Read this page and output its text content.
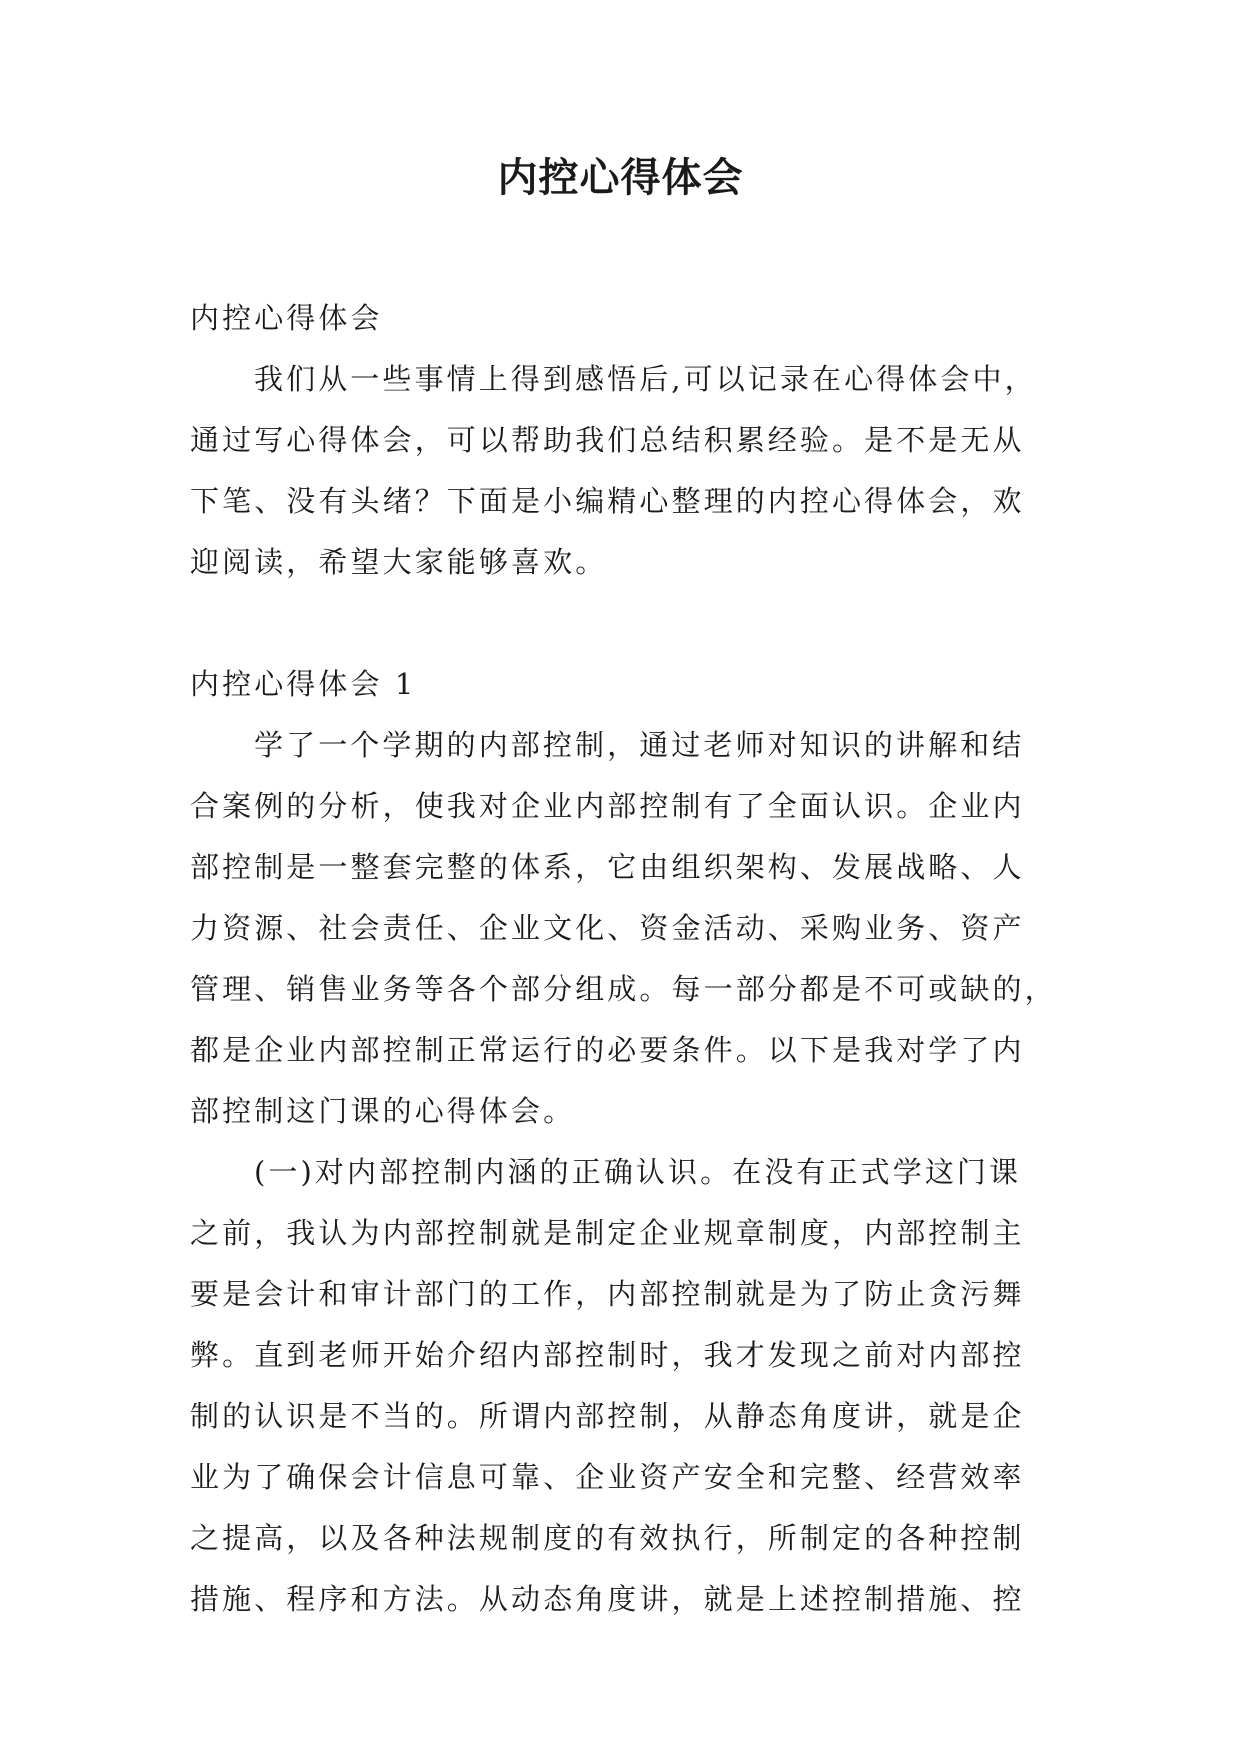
内控心得体会
内控心得体会
我们从一些事情上得到感悟后,可以记录在心得体会中，
通过写心得体会，可以帮助我们总结积累经验。是不是无从
下笔、没有头绪？下面是小编精心整理的内控心得体会，欢
迎阅读，希望大家能够喜欢。
内控心得体会 1
学了一个学期的内部控制，通过老师对知识的讲解和结
合案例的分析，使我对企业内部控制有了全面认识。企业内
部控制是一整套完整的体系，它由组织架构、发展战略、人
力资源、社会责任、企业文化、资金活动、采购业务、资产
管理、销售业务等各个部分组成。每一部分都是不可或缺的，
都是企业内部控制正常运行的必要条件。以下是我对学了内
部控制这门课的心得体会。
(一)对内部控制内涵的正确认识。在没有正式学这门课
之前，我认为内部控制就是制定企业规章制度，内部控制主
要是会计和审计部门的工作，内部控制就是为了防止贪污舞
弊。直到老师开始介绍内部控制时，我才发现之前对内部控
制的认识是不当的。所谓内部控制，从静态角度讲，就是企
业为了确保会计信息可靠、企业资产安全和完整、经营效率
之提高，以及各种法规制度的有效执行，所制定的各种控制
措施、程序和方法。从动态角度讲，就是上述控制措施、控
